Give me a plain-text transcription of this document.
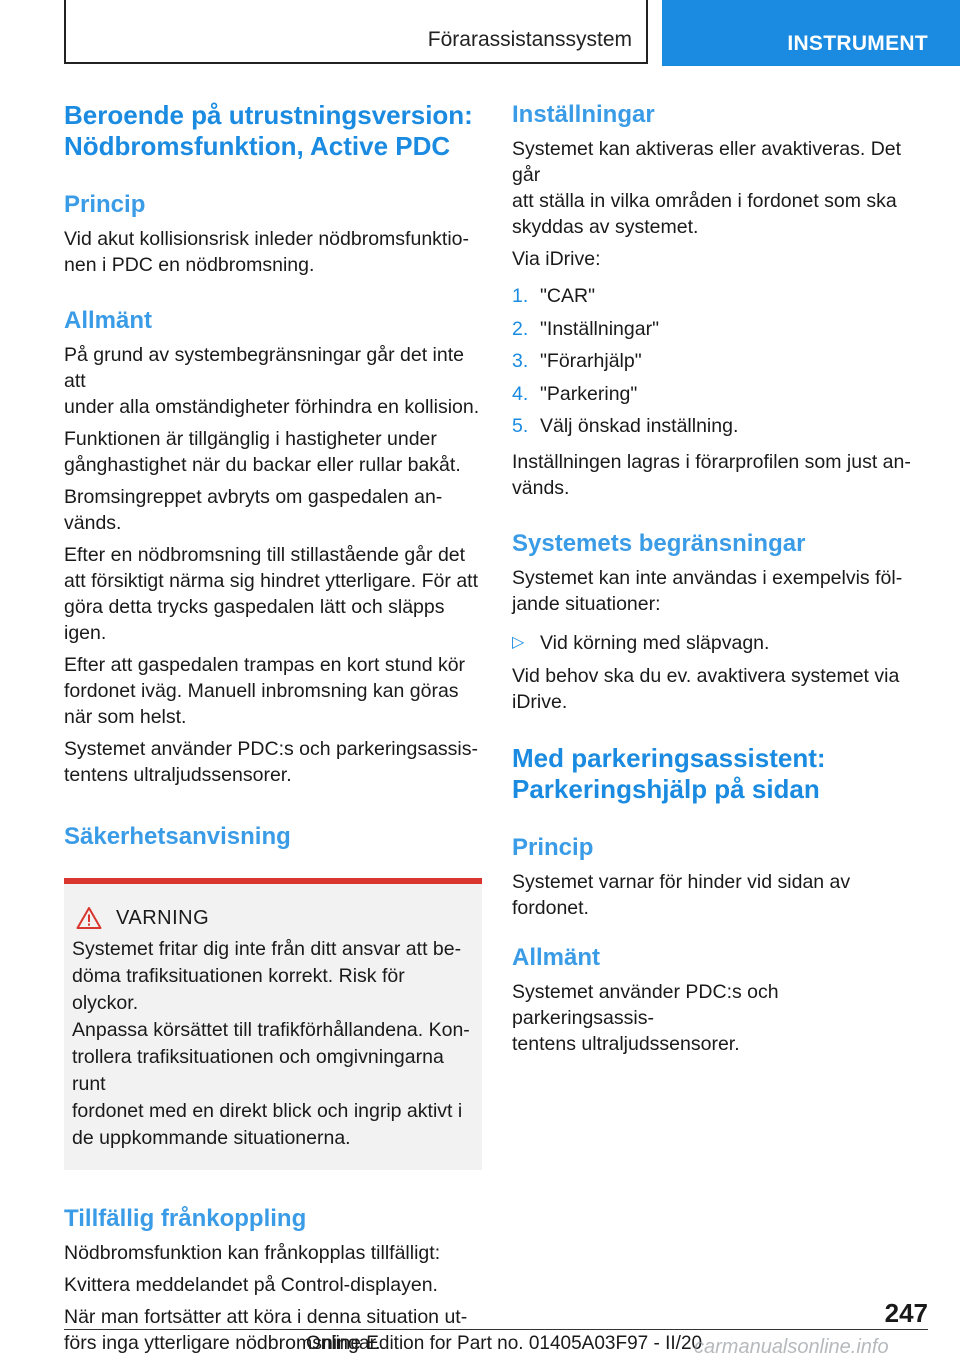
Förarassistanssystem	INSTRUMENT
Beroende på utrustningsversion:
Nödbromsfunktion, Active PDC
Princip

Vid akut kollisionsrisk inleder nödbromsfunktio-
nen i PDC en nödbromsning.

Allmänt

På grund av systembegränsningar går det inte att
under alla omständigheter förhindra en kollision.

Funktionen är tillgänglig i hastigheter under
gånghastighet när du backar eller rullar bakåt.

Bromsingreppet avbryts om gaspedalen an-
vänds.

Efter en nödbromsning till stillastående går det
att försiktigt närma sig hindret ytterligare. För att
göra detta trycks gaspedalen lätt och släpps
igen.

Efter att gaspedalen trampas en kort stund kör
fordonet iväg. Manuell inbromsning kan göras
när som helst.

Systemet använder PDC:s och parkeringsassis-
tentens ultraljudssensorer.

Säkerhetsanvisning
VARNING

Systemet fritar dig inte från ditt ansvar att be-
döma trafiksituationen korrekt. Risk för olyckor.
Anpassa körsättet till trafikförhållandena. Kon-
trollera trafiksituationen och omgivningarna runt
fordonet med en direkt blick och ingrip aktivt i
de uppkommande situationerna.

Tillfällig frånkoppling

Nödbromsfunktion kan frånkopplas tillfälligt:

Kvittera meddelandet på Control-displayen.

När man fortsätter att köra i denna situation ut-
förs inga ytterligare nödbromsningar.

Inställningar

Systemet kan aktiveras eller avaktiveras. Det går
att ställa in vilka områden i fordonet som ska
skyddas av systemet.

Via iDrive:

1. "CAR"
2. "Inställningar"
3. "Förarhjälp"
4. "Parkering"
5. Välj önskad inställning.

Inställningen lagras i förarprofilen som just an-
vänds.

Systemets begränsningar

Systemet kan inte användas i exempelvis föl-
jande situationer:

▷ Vid körning med släpvagn.

Vid behov ska du ev. avaktivera systemet via
iDrive.

Med parkeringsassistent:
Parkeringshjälp på sidan
Princip

Systemet varnar för hinder vid sidan av fordonet.

Allmänt

Systemet använder PDC:s och parkeringsassis-
tentens ultraljudssensorer.

247
Online Edition for Part no. 01405A03F97 - II/20
carmanualsonline.info
